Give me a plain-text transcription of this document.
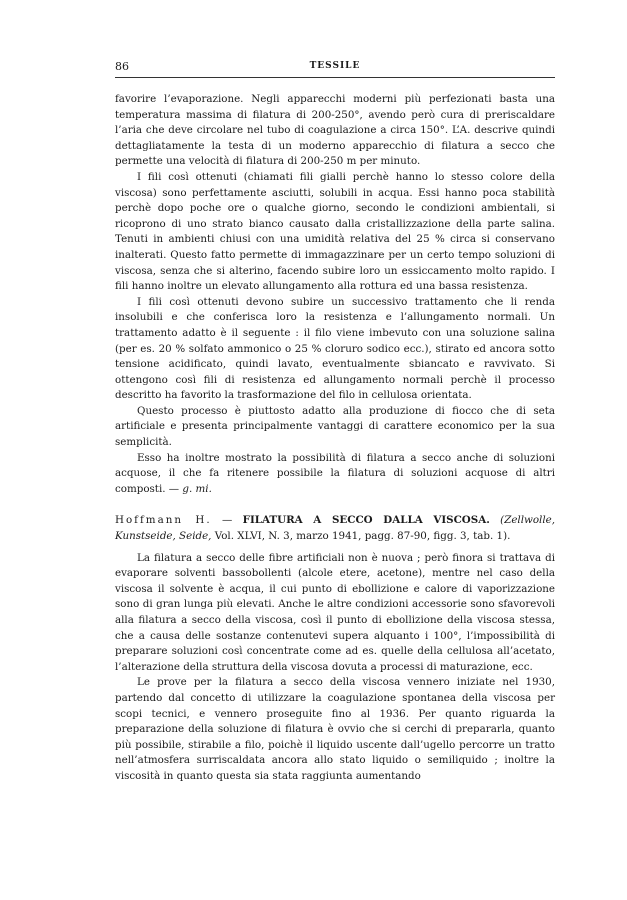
86	TESSILE

favorire l’evaporazione. Negli apparecchi moderni più perfezionati basta una temperatura massima di filatura di 200-250°, avendo però cura di preriscaldare l’aria che deve circolare nel tubo di coagulazione a circa 150°. L’A. descrive quindi dettagliatamente la testa di un moderno apparecchio di filatura a secco che permette una velocità di filatura di 200-250 m per minuto.

I fili così ottenuti (chiamati fili gialli perchè hanno lo stesso colore della viscosa) sono perfettamente asciutti, solubili in acqua. Essi hanno poca stabilità perchè dopo poche ore o qualche giorno, secondo le condizioni ambientali, si ricoprono di uno strato bianco causato dalla cristallizzazione della parte salina. Tenuti in ambienti chiusi con una umidità relativa del 25 % circa si conservano inalterati. Questo fatto permette di immagazzinare per un certo tempo soluzioni di viscosa, senza che si alterino, facendo subire loro un essiccamento molto rapido. I fili hanno inoltre un elevato allungamento alla rottura ed una bassa resistenza.

I fili così ottenuti devono subire un successivo trattamento che li renda insolubili e che conferisca loro la resistenza e l’allungamento normali. Un trattamento adatto è il seguente : il filo viene imbevuto con una soluzione salina (per es. 20 % solfato ammonico o 25 % cloruro sodico ecc.), stirato ed ancora sotto tensione acidificato, quindi lavato, eventualmente sbiancato e ravvivato. Si ottengono così fili di resistenza ed allungamento normali perchè il processo descritto ha favorito la trasformazione del filo in cellulosa orientata.

Questo processo è piuttosto adatto alla produzione di fiocco che di seta artificiale e presenta principalmente vantaggi di carattere economico per la sua semplicità.

Esso ha inoltre mostrato la possibilità di filatura a secco anche di soluzioni acquose, il che fa ritenere possibile la filatura di soluzioni acquose di altri composti. — g. mi.

Hoffmann H. — FILATURA A SECCO DALLA VISCOSA. (Zellwolle, Kunstseide, Seide, Vol. XLVI, N. 3, marzo 1941, pagg. 87-90, figg. 3, tab. 1).

La filatura a secco delle fibre artificiali non è nuova ; però finora si trattava di evaporare solventi bassobollenti (alcole etere, acetone), mentre nel caso della viscosa il solvente è acqua, il cui punto di ebollizione e calore di vaporizzazione sono di gran lunga più elevati. Anche le altre condizioni accessorie sono sfavorevoli alla filatura a secco della viscosa, così il punto di ebollizione della viscosa stessa, che a causa delle sostanze contenutevi supera alquanto i 100°, l’impossibilità di preparare soluzioni così concentrate come ad es. quelle della cellulosa all’acetato, l’alterazione della struttura della viscosa dovuta a processi di maturazione, ecc.

Le prove per la filatura a secco della viscosa vennero iniziate nel 1930, partendo dal concetto di utilizzare la coagulazione spontanea della viscosa per scopi tecnici, e vennero proseguite fino al 1936. Per quanto riguarda la preparazione della soluzione di filatura è ovvio che si cerchi di prepararla, quanto più possibile, stirabile a filo, poichè il liquido uscente dall’ugello percorre un tratto nell’atmosfera surriscaldata ancora allo stato liquido o semiliquido ; inoltre la viscosità in quanto questa sia stata raggiunta aumentando
